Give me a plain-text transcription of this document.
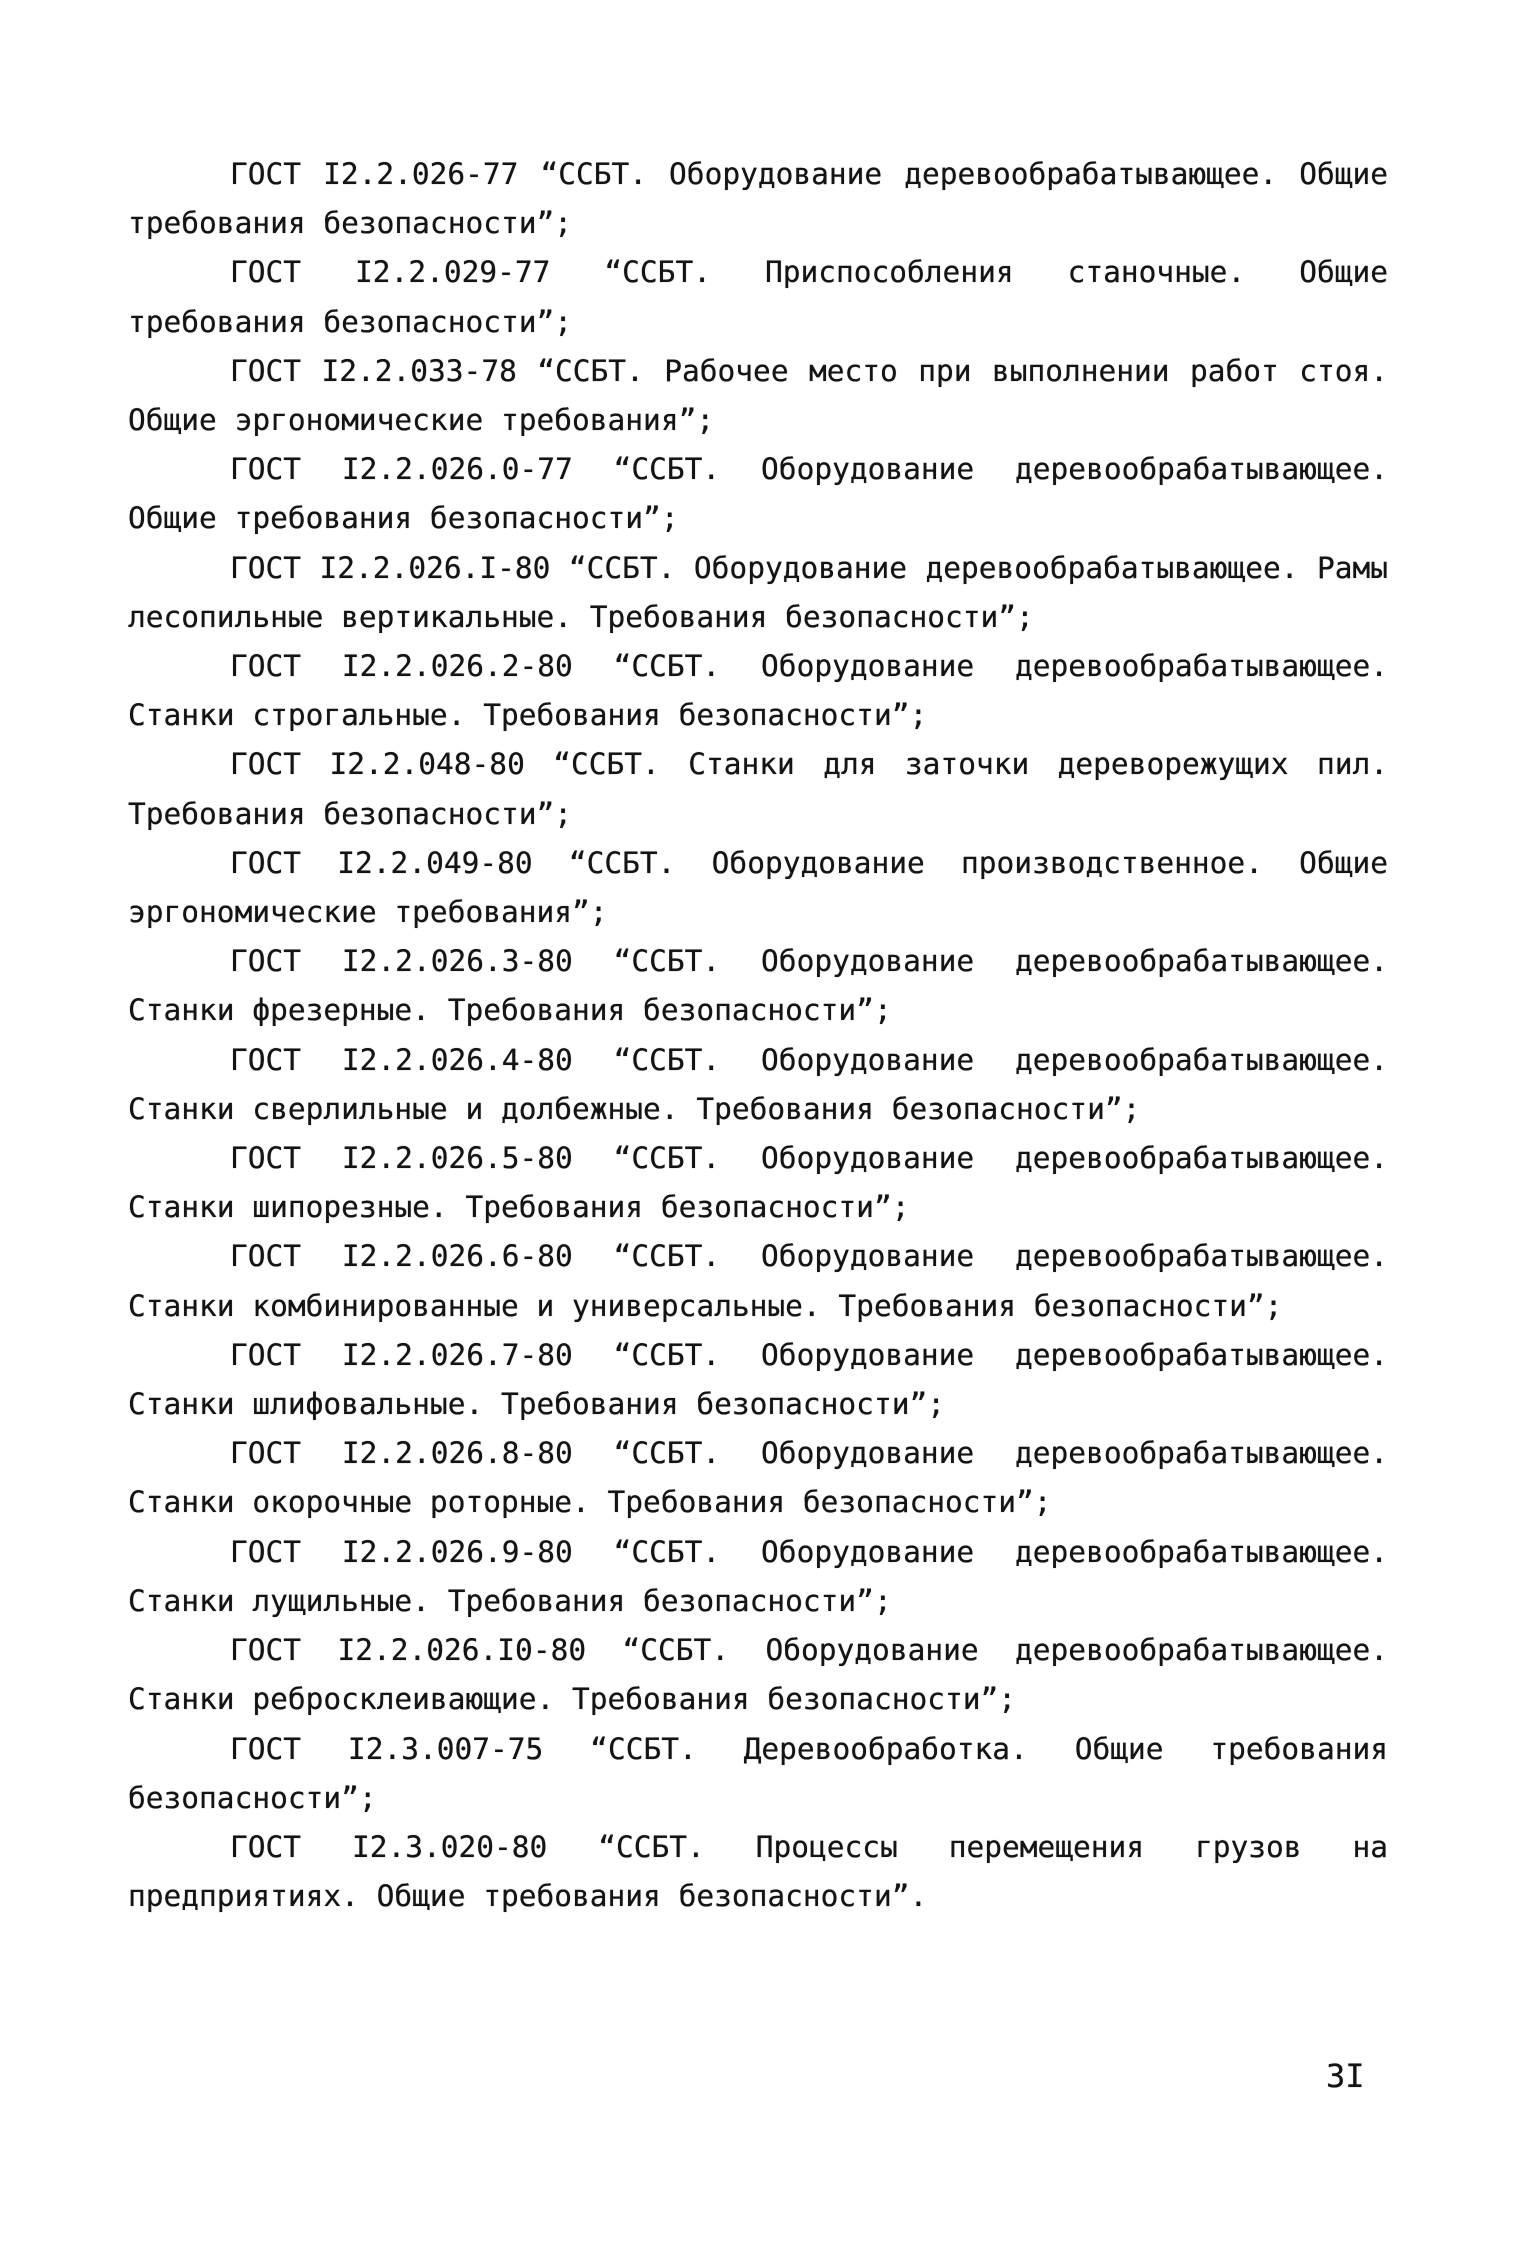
ГОСТ I2.2.026-77 “ССБТ. Оборудование деревообрабатывающее. Общие требования безопасности”;

ГОСТ I2.2.029-77 “ССБТ. Приспособления станочные. Общие требования безопасности”;

ГОСТ I2.2.033-78 “ССБТ. Рабочее место при выполнении работ стоя. Общие эргономические требования”;

ГОСТ I2.2.026.0-77 “ССБТ. Оборудование деревообрабатывающее. Общие требования безопасности”;

ГОСТ I2.2.026.I-80 “ССБТ. Оборудование деревообрабатывающее. Рамы лесопильные вертикальные. Требования безопасности”;

ГОСТ I2.2.026.2-80 “ССБТ. Оборудование деревообрабатывающее. Станки строгальные. Требования безопасности”;

ГОСТ I2.2.048-80 “ССБТ. Станки для заточки дереворежущих пил. Требования безопасности”;

ГОСТ I2.2.049-80 “ССБТ. Оборудование производственное. Общие эргономические требования”;

ГОСТ I2.2.026.3-80 “ССБТ. Оборудование деревообрабатывающее. Станки фрезерные. Требования безопасности”;

ГОСТ I2.2.026.4-80 “ССБТ. Оборудование деревообрабатывающее. Станки сверлильные и долбежные. Требования безопасности”;

ГОСТ I2.2.026.5-80 “ССБТ. Оборудование деревообрабатывающее. Станки шипорезные. Требования безопасности”;

ГОСТ I2.2.026.6-80 “ССБТ. Оборудование деревообрабатывающее. Станки комбинированные и универсальные. Требования безопасности”;

ГОСТ I2.2.026.7-80 “ССБТ. Оборудование деревообрабатывающее. Станки шлифовальные. Требования безопасности”;

ГОСТ I2.2.026.8-80 “ССБТ. Оборудование деревообрабатывающее. Станки окорочные роторные. Требования безопасности”;

ГОСТ I2.2.026.9-80 “ССБТ. Оборудование деревообрабатывающее. Станки лущильные. Требования безопасности”;

ГОСТ I2.2.026.I0-80 “ССБТ. Оборудование деревообрабатывающее. Станки ребросклеивающие. Требования безопасности”;

ГОСТ I2.3.007-75 “ССБТ. Деревообработка. Общие требования безопасности”;

ГОСТ I2.3.020-80 “ССБТ. Процессы перемещения грузов на предприятиях. Общие требования безопасности”.

3I
